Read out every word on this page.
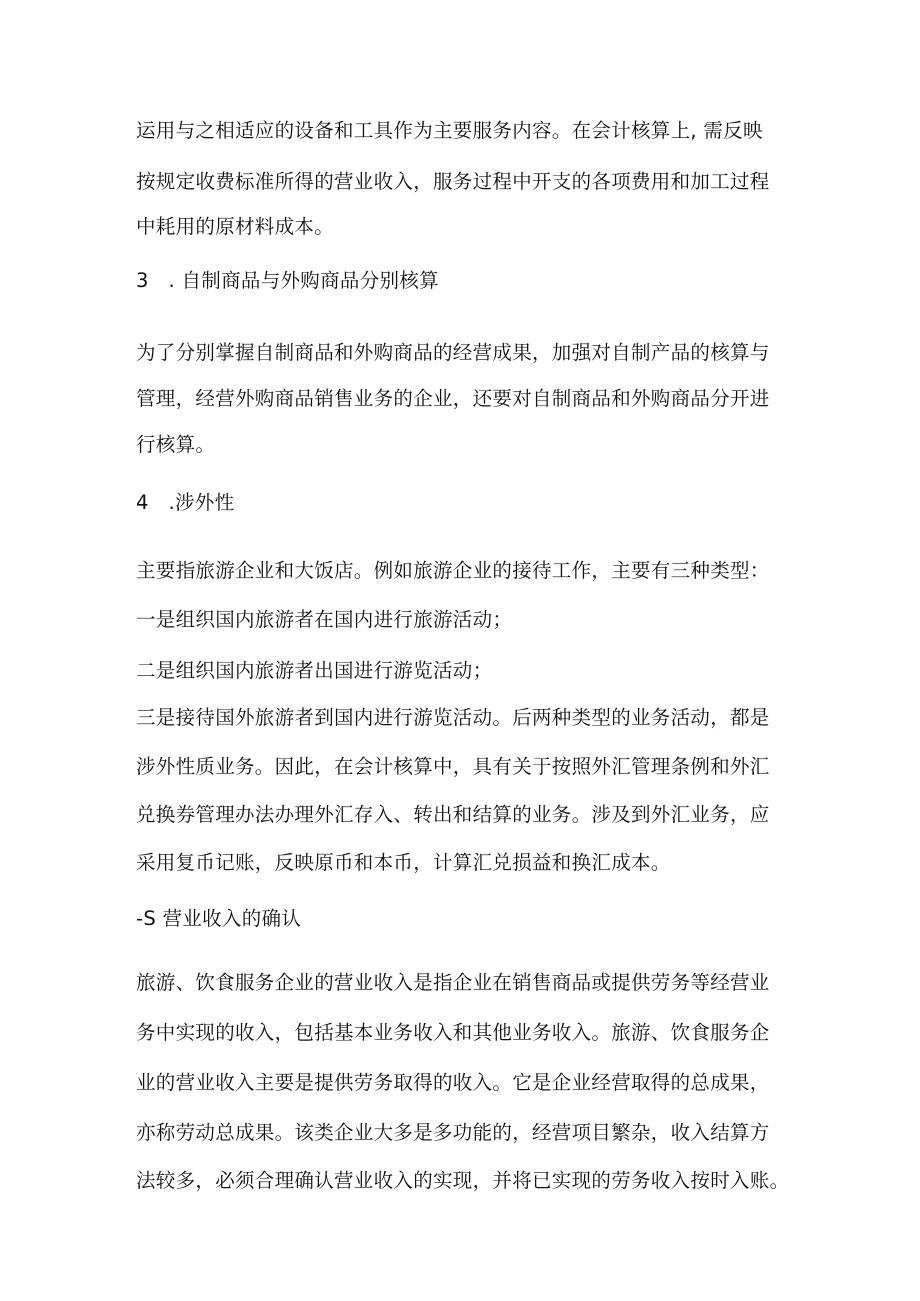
运用与之相适应的设备和工具作为主要服务内容。在会计核算上, 需反映
按规定收费标准所得的营业收入，服务过程中开支的各项费用和加工过程
中耗用的原材料成本。
3　. 自制商品与外购商品分别核算
为了分别掌握自制商品和外购商品的经营成果，加强对自制产品的核算与
管理，经营外购商品销售业务的企业，还要对自制商品和外购商品分开进
行核算。
4　.涉外性
主要指旅游企业和大饭店。例如旅游企业的接待工作，主要有三种类型：
一是组织国内旅游者在国内进行旅游活动；
二是组织国内旅游者出国进行游览活动；
三是接待国外旅游者到国内进行游览活动。后两种类型的业务活动，都是
涉外性质业务。因此，在会计核算中，具有关于按照外汇管理条例和外汇
兑换券管理办法办理外汇存入、转出和结算的业务。涉及到外汇业务，应
采用复币记账，反映原币和本币，计算汇兑损益和换汇成本。
-S 营业收入的确认
旅游、饮食服务企业的营业收入是指企业在销售商品或提供劳务等经营业
务中实现的收入，包括基本业务收入和其他业务收入。旅游、饮食服务企
业的营业收入主要是提供劳务取得的收入。它是企业经营取得的总成果，
亦称劳动总成果。该类企业大多是多功能的，经营项目繁杂，收入结算方
法较多，必须合理确认营业收入的实现，并将已实现的劳务收入按时入账。
